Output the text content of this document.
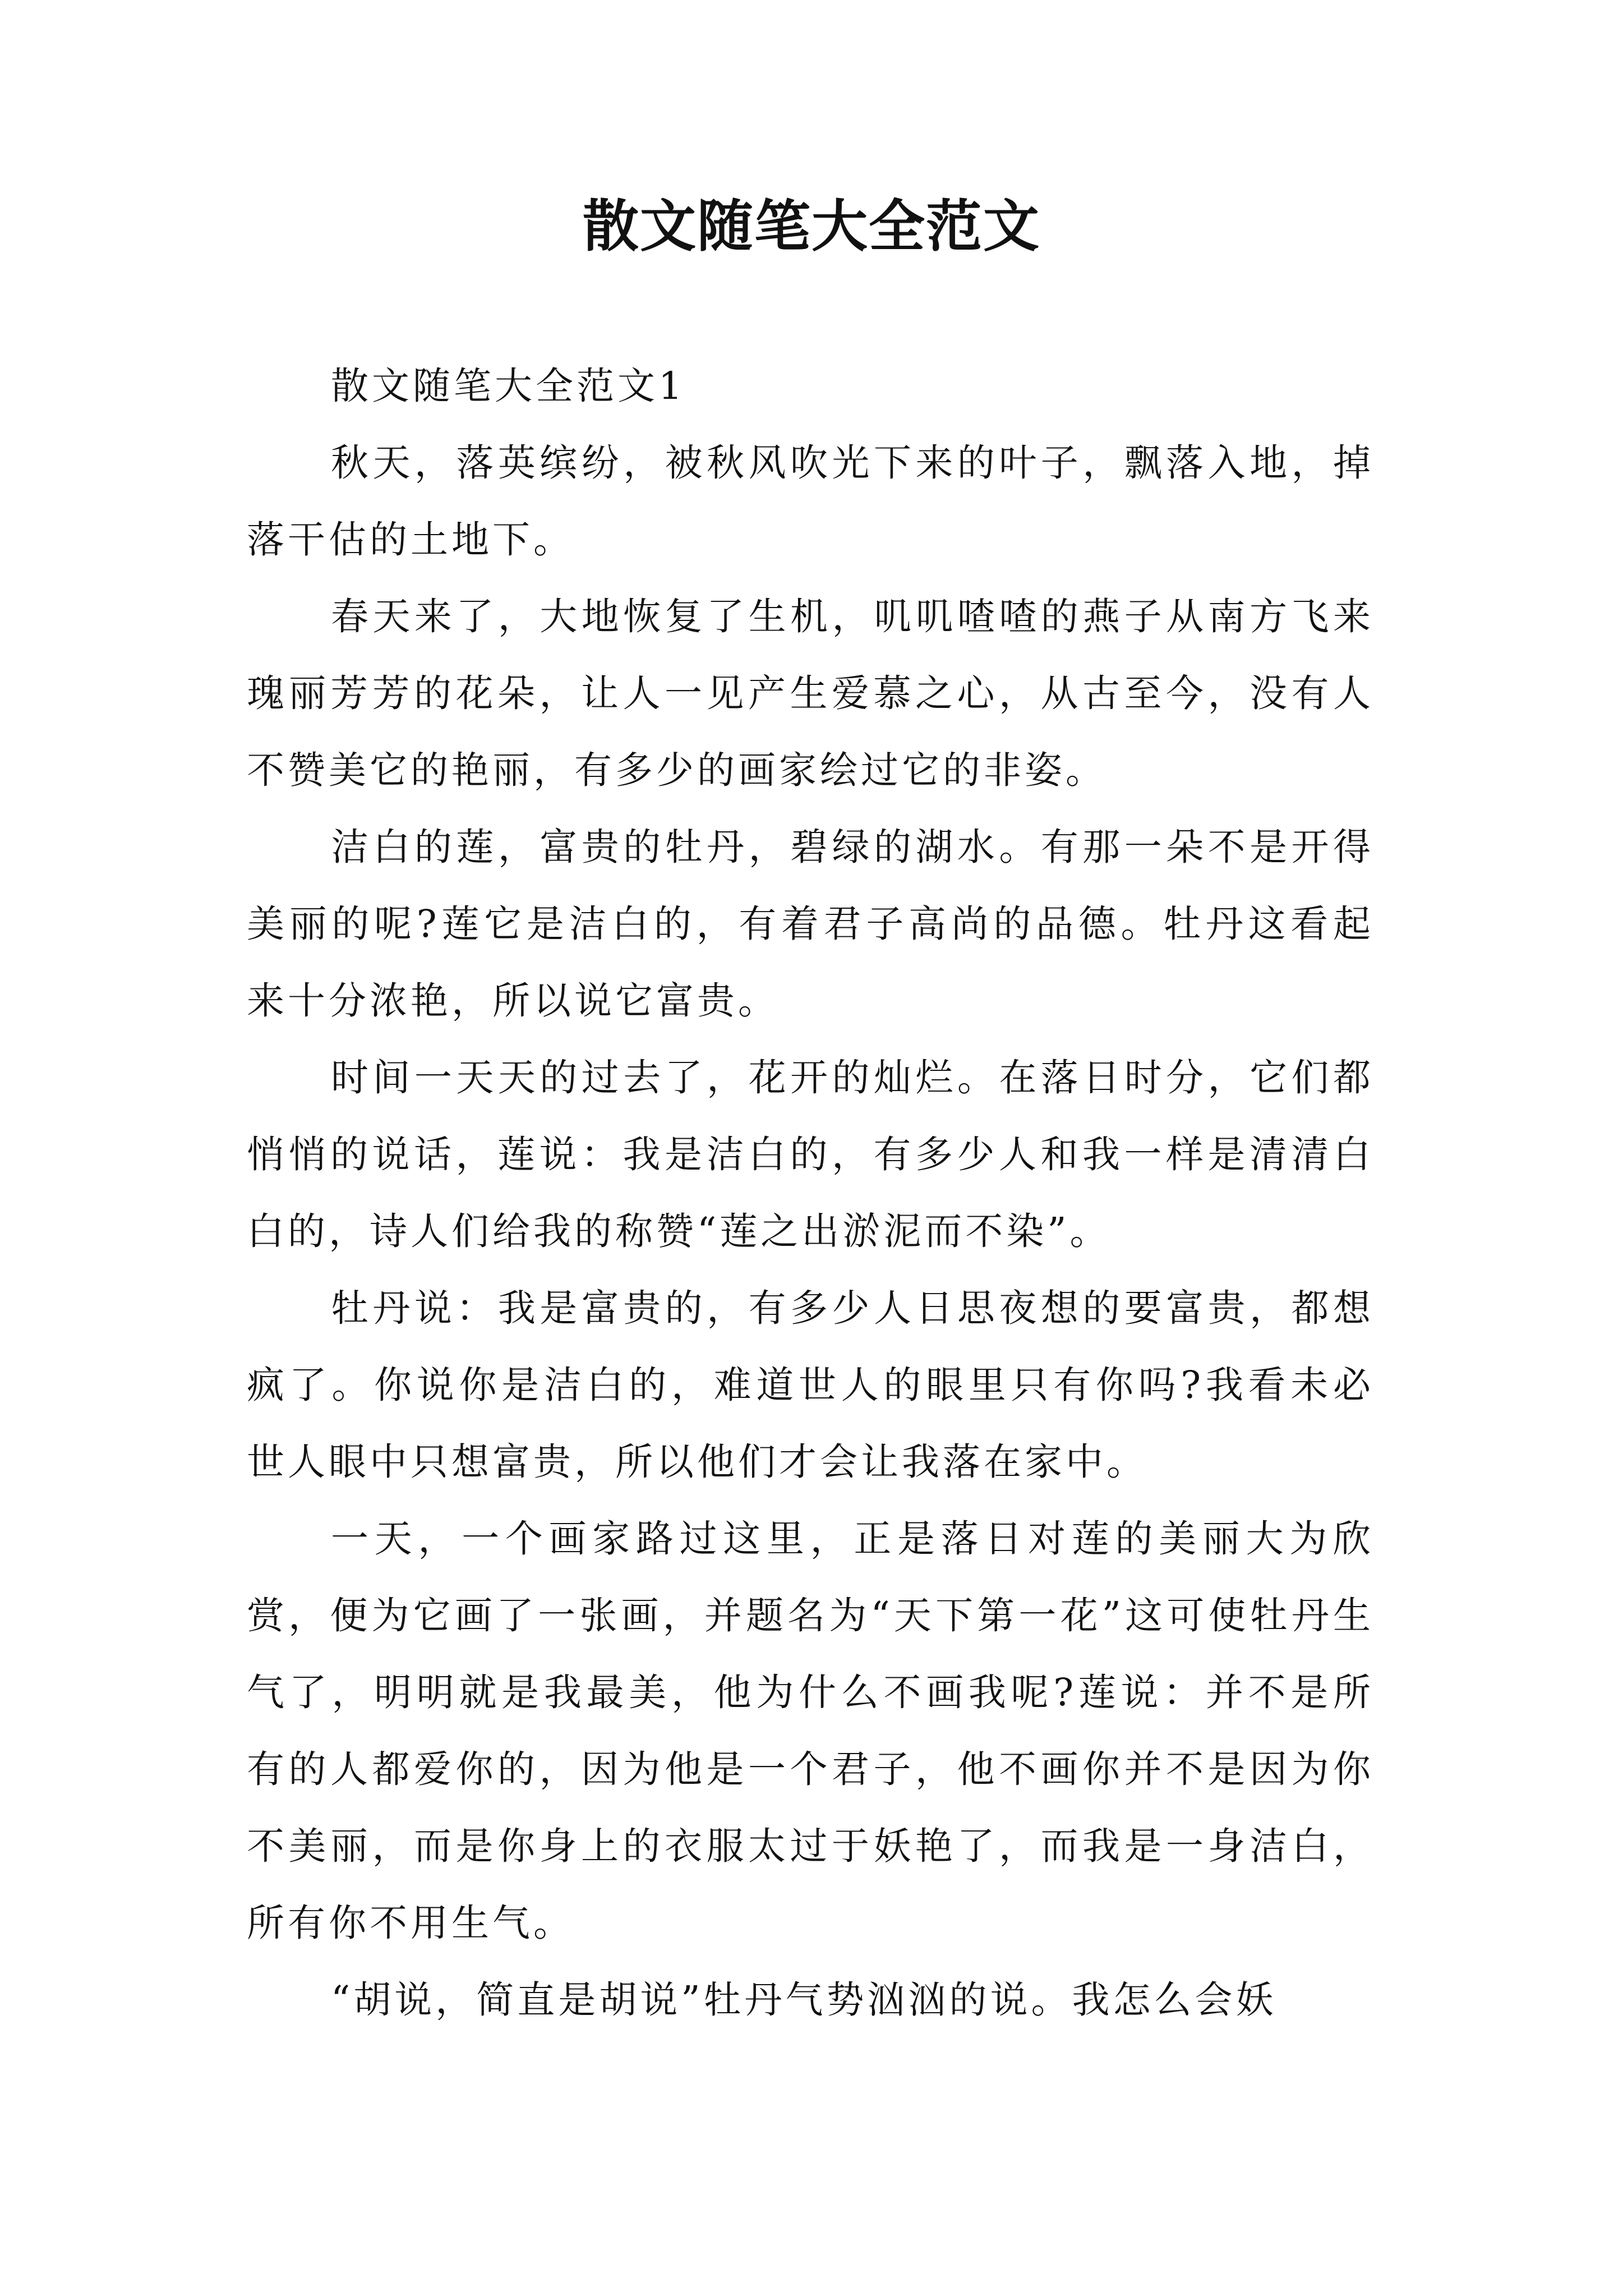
散文随笔大全范文

散文随笔大全范文1

秋天，落英缤纷，被秋风吹光下来的叶子，飘落入地，掉落干估的土地下。

春天来了，大地恢复了生机，叽叽喳喳的燕子从南方飞来瑰丽芳芳的花朵，让人一见产生爱慕之心，从古至今，没有人不赞美它的艳丽，有多少的画家绘过它的非姿。

洁白的莲，富贵的牡丹，碧绿的湖水。有那一朵不是开得美丽的呢?莲它是洁白的，有着君子高尚的品德。牡丹这看起来十分浓艳，所以说它富贵。

时间一天天的过去了，花开的灿烂。在落日时分，它们都悄悄的说话，莲说：我是洁白的，有多少人和我一样是清清白白的，诗人们给我的称赞“莲之出淤泥而不染”。

牡丹说：我是富贵的，有多少人日思夜想的要富贵，都想疯了。你说你是洁白的，难道世人的眼里只有你吗?我看未必世人眼中只想富贵，所以他们才会让我落在家中。

一天，一个画家路过这里，正是落日对莲的美丽大为欣赏，便为它画了一张画，并题名为“天下第一花”这可使牡丹生气了，明明就是我最美，他为什么不画我呢?莲说：并不是所有的人都爱你的，因为他是一个君子，他不画你并不是因为你不美丽，而是你身上的衣服太过于妖艳了，而我是一身洁白，所有你不用生气。

“胡说，简直是胡说”牡丹气势汹汹的说。我怎么会妖
